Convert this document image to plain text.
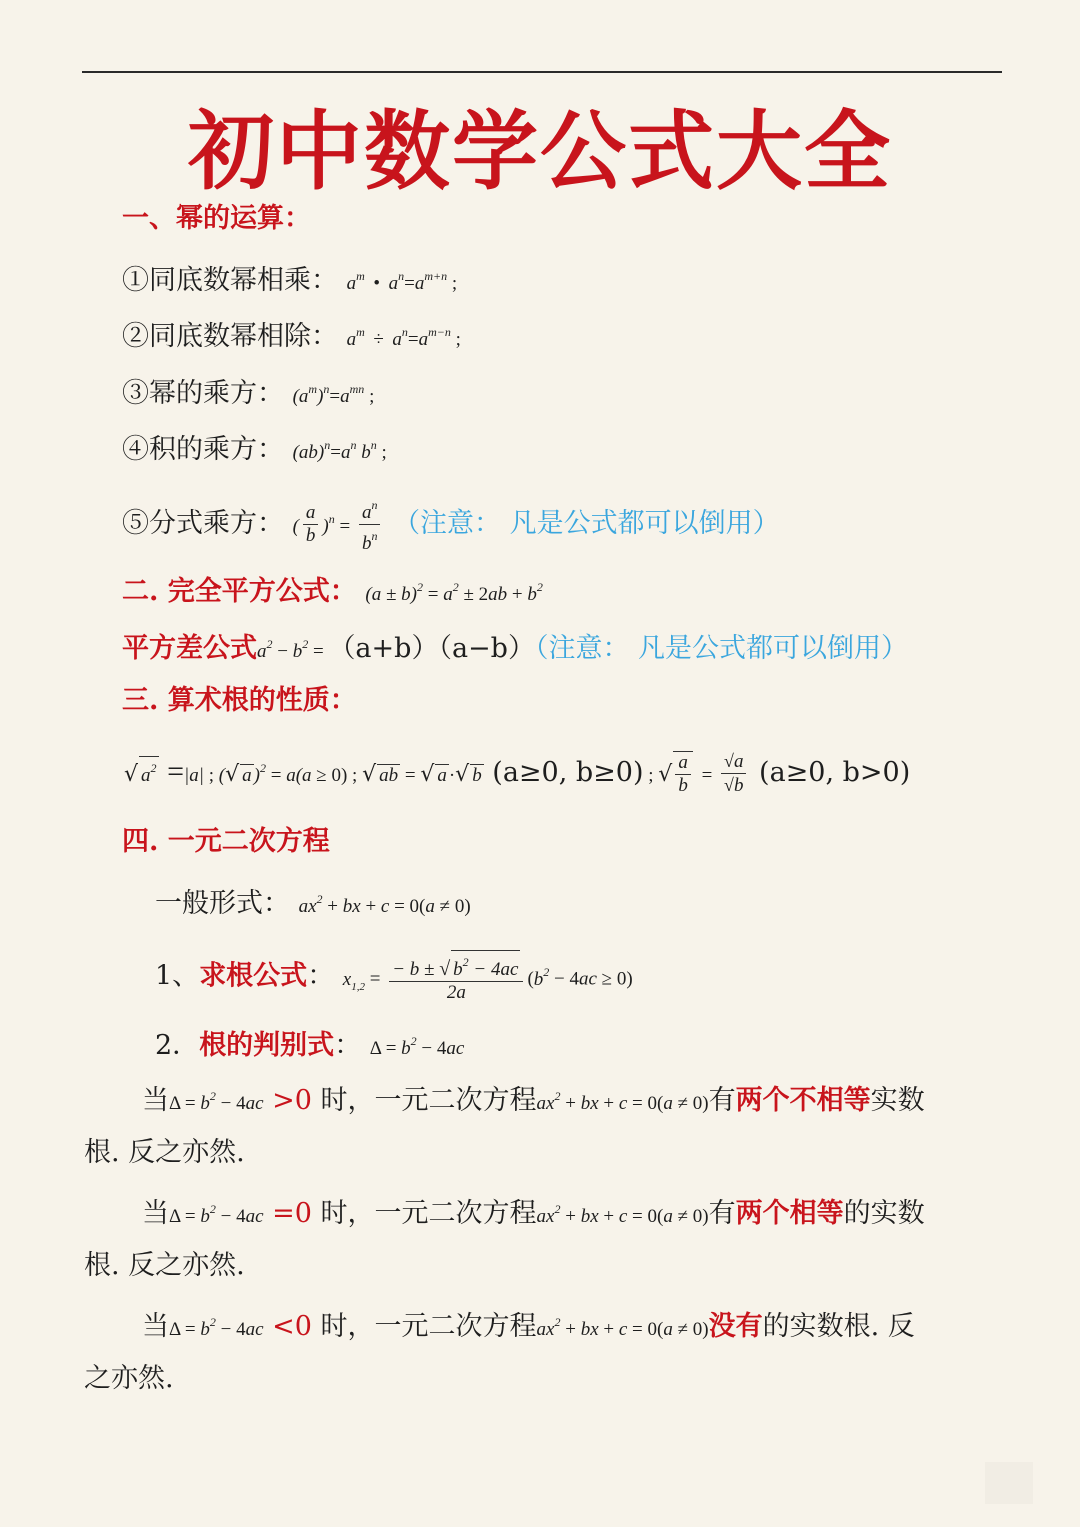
初中数学公式大全
一、幂的运算：
①同底数幂相乘： $a^m$ • $a^n=a^{m+n}$ ;
②同底数幂相除： $a^m \div a^n=a^{m-n}$ ;
③幂的乘方： $(a^m)^n=a^{mn}$ ;
④积的乘方： $(ab)^n=a^n$ $b^n$ ;
⑤分式乘方： ( $\frac{a}{b} )^n = \frac{a^n}{b^n}$ （注意： 凡是公式都可以倒用）
二. 完全平方公式： $(a \pm b)^2 = a^2 \pm 2ab + b^2$
平方差公式$a^2 - b^2 = (a+b)(a-b)$（注意： 凡是公式都可以倒用）
三. 算术根的性质：
√ $a^2 =|a|$ ; (√ a )$^2$ = a(a ≥ 0) ; √ ab = √ a ·√ b (a≥0, b≥0) ; √ $\frac{a}{b} = \frac{√a}{√b} (a\ge 0$, b>0)
四. 一元二次方程
一般形式： $ax^2$ + bx + c = 0(a ≠ 0)
1、求根公式： $x_{1,2} = \frac{- b \pm √ b^2 - 4ac}{2a} (b^2 - 4ac \ge 0)$
2．根的判别式： $\Delta = b^2 - 4ac$
当$\Delta = b^2 - 4ac >0$ 时，一元二次方程$ax^2$ + bx + c = 0(a ≠ 0)有两个不相等实数
根. 反之亦然.
当$\Delta = b^2 - 4ac =0$ 时，一元二次方程$ax^2$ + bx + c = 0(a ≠ 0)有两个相等的实数
根. 反之亦然.
当$\Delta = b^2 - 4ac <0$ 时，一元二次方程$ax^2$ + bx + c = 0(a ≠ 0)没有的实数根. 反
之亦然.
